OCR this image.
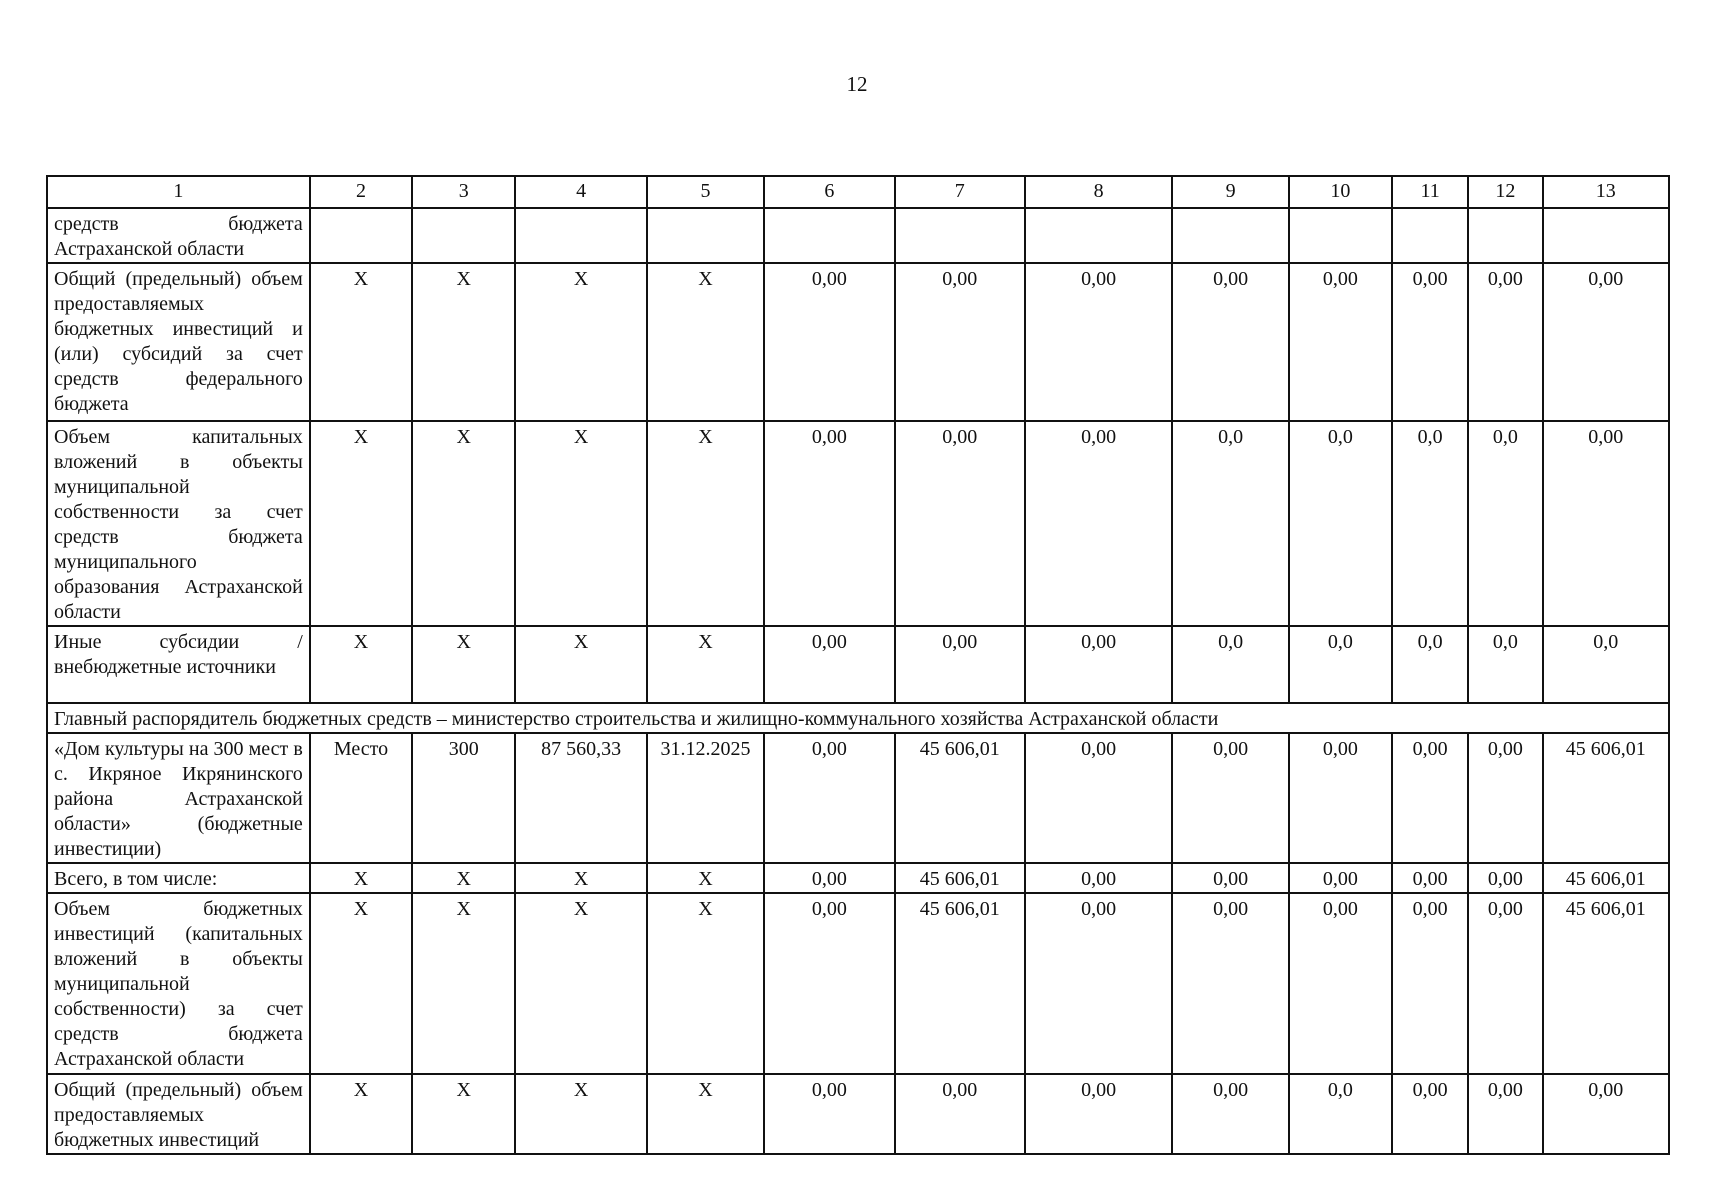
12
1	2	3	4	5	6	7	8	9	10	11	12	13
средств бюджета Астраханской области												
Общий (предельный) объем предоставляемых бюджетных инвестиций и (или) субсидий за счет средств федерального бюджета	X	X	X	X	0,00	0,00	0,00	0,00	0,00	0,00	0,00	0,00
Объем капитальных вложений в объекты муниципальной собственности за счет средств бюджета муниципального образования Астраханской области	X	X	X	X	0,00	0,00	0,00	0,0	0,0	0,0	0,0	0,00
Иные субсидии / внебюджетные источники	X	X	X	X	0,00	0,00	0,00	0,0	0,0	0,0	0,0	0,0
Главный распорядитель бюджетных средств – министерство строительства и жилищно-коммунального хозяйства Астраханской области												
«Дом культуры на 300 мест в с. Икряное Икрянинского района Астраханской области» (бюджетные инвестиции)	Место	300	87 560,33	31.12.2025	0,00	45 606,01	0,00	0,00	0,00	0,00	0,00	45 606,01
Всего, в том числе:	X	X	X	X	0,00	45 606,01	0,00	0,00	0,00	0,00	0,00	45 606,01
Объем бюджетных инвестиций (капитальных вложений в объекты муниципальной собственности) за счет средств бюджета Астраханской области	X	X	X	X	0,00	45 606,01	0,00	0,00	0,00	0,00	0,00	45 606,01
Общий (предельный) объем предоставляемых бюджетных инвестиций	X	X	X	X	0,00	0,00	0,00	0,00	0,0	0,00	0,00	0,00
